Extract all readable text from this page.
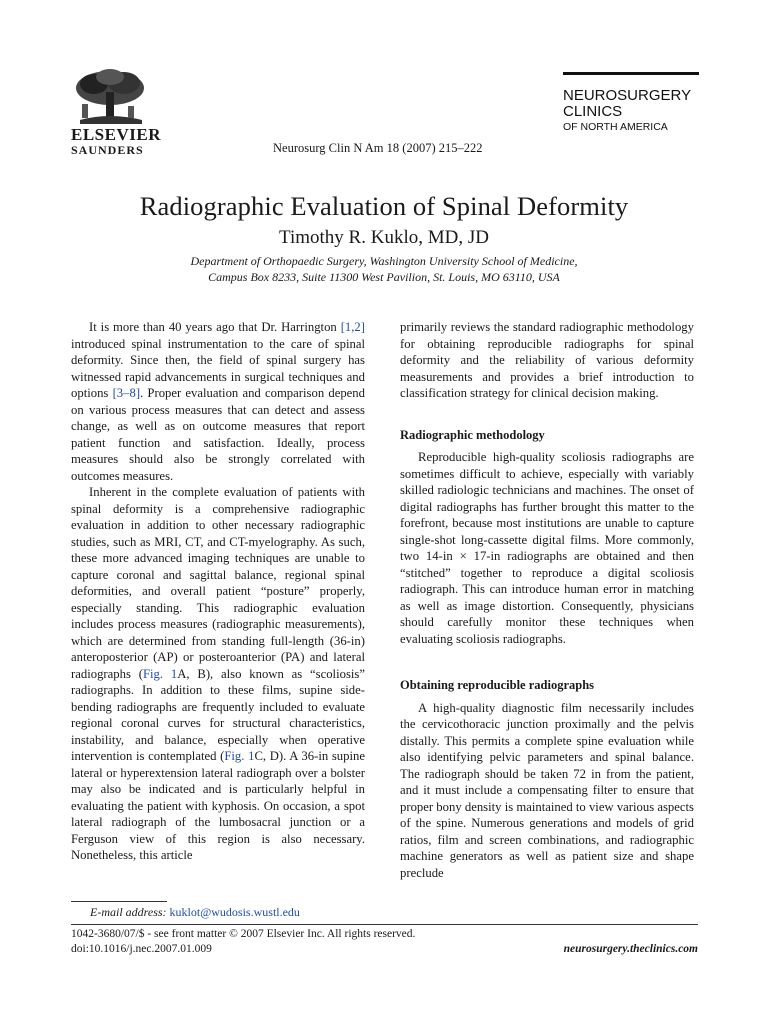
ELSEVIER
SAUNDERS	Neurosurg Clin N Am 18 (2007) 215–222
NEUROSURGERY
CLINICS
OF NORTH AMERICA
Radiographic Evaluation of Spinal Deformity
Timothy R. Kuklo, MD, JD
Department of Orthopaedic Surgery, Washington University School of Medicine,
Campus Box 8233, Suite 11300 West Pavilion, St. Louis, MO 63110, USA

It is more than 40 years ago that Dr. Harrington [1,2] introduced spinal instrumentation to the care of spinal deformity. Since then, the field of spinal surgery has witnessed rapid advancements in surgical techniques and options [3–8]. Proper evaluation and comparison depend on various process measures that can detect and assess change, as well as on outcome measures that report patient function and satisfaction. Ideally, process measures should also be strongly correlated with outcomes measures.

Inherent in the complete evaluation of patients with spinal deformity is a comprehensive radiographic evaluation in addition to other necessary radiographic studies, such as MRI, CT, and CT-myelography. As such, these more advanced imaging techniques are unable to capture coronal and sagittal balance, regional spinal deformities, and overall patient “posture” properly, especially standing. This radiographic evaluation includes process measures (radiographic measurements), which are determined from standing full-length (36-in) anteroposterior (AP) or posteroanterior (PA) and lateral radiographs (Fig. 1A, B), also known as “scoliosis” radiographs. In addition to these films, supine side-bending radiographs are frequently included to evaluate regional coronal curves for structural characteristics, instability, and balance, especially when operative intervention is contemplated (Fig. 1C, D). A 36-in supine lateral or hyperextension lateral radiograph over a bolster may also be indicated and is particularly helpful in evaluating the patient with kyphosis. On occasion, a spot lateral radiograph of the lumbosacral junction or a Ferguson view of this region is also necessary. Nonetheless, this article

primarily reviews the standard radiographic methodology for obtaining reproducible radiographs for spinal deformity and the reliability of various deformity measurements and provides a brief introduction to classification strategy for clinical decision making.

Radiographic methodology

Reproducible high-quality scoliosis radiographs are sometimes difficult to achieve, especially with variably skilled radiologic technicians and machines. The onset of digital radiographs has further brought this matter to the forefront, because most institutions are unable to capture single-shot long-cassette digital films. More commonly, two 14-in × 17-in radiographs are obtained and then “stitched” together to reproduce a digital scoliosis radiograph. This can introduce human error in matching as well as image distortion. Consequently, physicians should carefully monitor these techniques when evaluating scoliosis radiographs.

Obtaining reproducible radiographs

A high-quality diagnostic film necessarily includes the cervicothoracic junction proximally and the pelvis distally. This permits a complete spine evaluation while also identifying pelvic parameters and spinal balance. The radiograph should be taken 72 in from the patient, and it must include a compensating filter to ensure that proper bony density is maintained to view various aspects of the spine. Numerous generations and models of grid ratios, film and screen combinations, and radiographic machine generators as well as patient size and shape preclude

E-mail address: kuklot@wudosis.wustl.edu
1042-3680/07/$ - see front matter © 2007 Elsevier Inc. All rights reserved.
doi:10.1016/j.nec.2007.01.009	neurosurgery.theclinics.com
